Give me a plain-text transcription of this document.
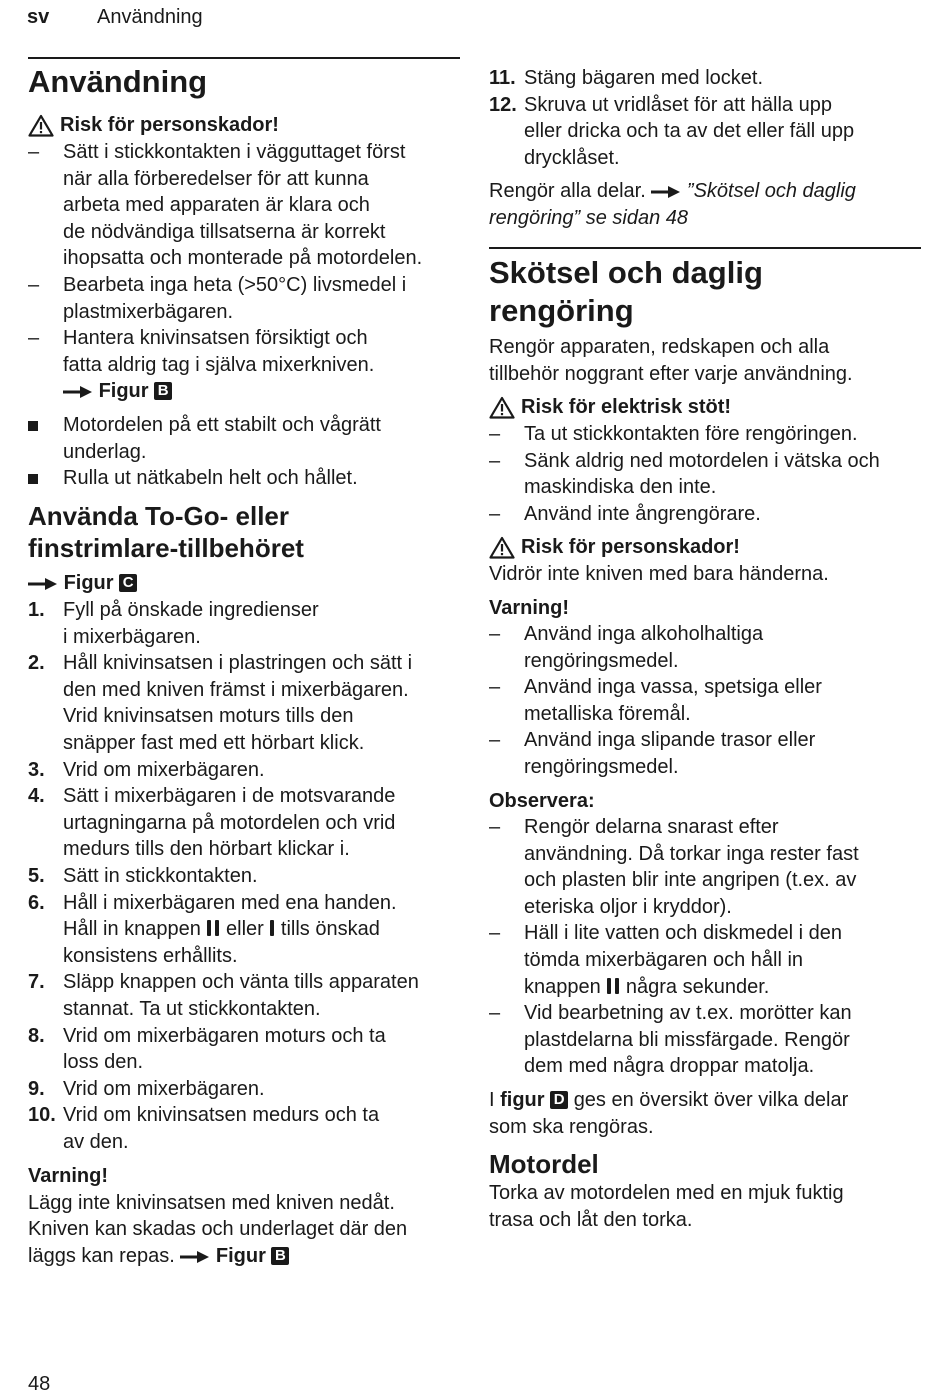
sv Användning
Användning
Risk för personskador!
–	Sätt i stickkontakten i vägguttaget först
när alla förberedelser för att kunna
arbeta med apparaten är klara och
de nödvändiga tillsatserna är korrekt
ihopsatta och monterade på motordelen.
–	Bearbeta inga heta (>50°C) livsmedel i
plastmixerbägaren.
–	Hantera knivinsatsen försiktigt och
fatta aldrig tag i själva mixerkniven.
Figur B
Motordelen på ett stabilt och vågrätt
underlag.
Rulla ut nätkabeln helt och hållet.
Använda To-Go- eller
finstrimlare-tillbehöret
Figur C
1. Fyll på önskade ingredienser
i mixerbägaren.
2. Håll knivinsatsen i plastringen och sätt i
den med kniven främst i mixerbägaren.
Vrid knivinsatsen moturs tills den
snäpper fast med ett hörbart klick.
3. Vrid om mixerbägaren.
4. Sätt i mixerbägaren i de motsvarande
urtagningarna på motordelen och vrid
medurs tills den hörbart klickar i.
5. Sätt in stickkontakten.
6. Håll i mixerbägaren med ena handen.
Håll in knappen eller tills önskad
konsistens erhållits.
7. Släpp knappen och vänta tills apparaten
stannat. Ta ut stickkontakten.
8. Vrid om mixerbägaren moturs och ta
loss den.
9. Vrid om mixerbägaren.
10. Vrid om knivinsatsen medurs och ta
av den.

Varning!

Lägg inte knivinsatsen med kniven nedåt.

Kniven kan skadas och underlaget där den

läggs kan repas. Figur B

11. Stäng bägaren med locket.
12. Skruva ut vridlåset för att hälla upp
eller dricka och ta av det eller fäll upp
drycklåset.

Rengör alla delar. ”Skötsel och daglig

rengöring” se sidan 48

Skötsel och daglig
rengöring

Rengör apparaten, redskapen och alla

tillbehör noggrant efter varje användning.

Risk för elektrisk stöt!
–	Ta ut stickkontakten före rengöringen.
–	Sänk aldrig ned motordelen i vätska och
maskindiska den inte.
–	Använd inte ångrengörare.
Risk för personskador!

Vidrör inte kniven med bara händerna.

Varning!

–	Använd inga alkoholhaltiga
rengöringsmedel.
–	Använd inga vassa, spetsiga eller
metalliska föremål.
–	Använd inga slipande trasor eller
rengöringsmedel.

Observera:

–	Rengör delarna snarast efter
användning. Då torkar inga rester fast
och plasten blir inte angripen (t.ex. av
eteriska oljor i kryddor).
–	Häll i lite vatten och diskmedel i den
tömda mixerbägaren och håll in
knappen några sekunder.
–	Vid bearbetning av t.ex. morötter kan
plastdelarna bli missfärgade. Rengör
dem med några droppar matolja.

I figur D ges en översikt över vilka delar

som ska rengöras.

Motordel

Torka av motordelen med en mjuk fuktig

trasa och låt den torka.

48
